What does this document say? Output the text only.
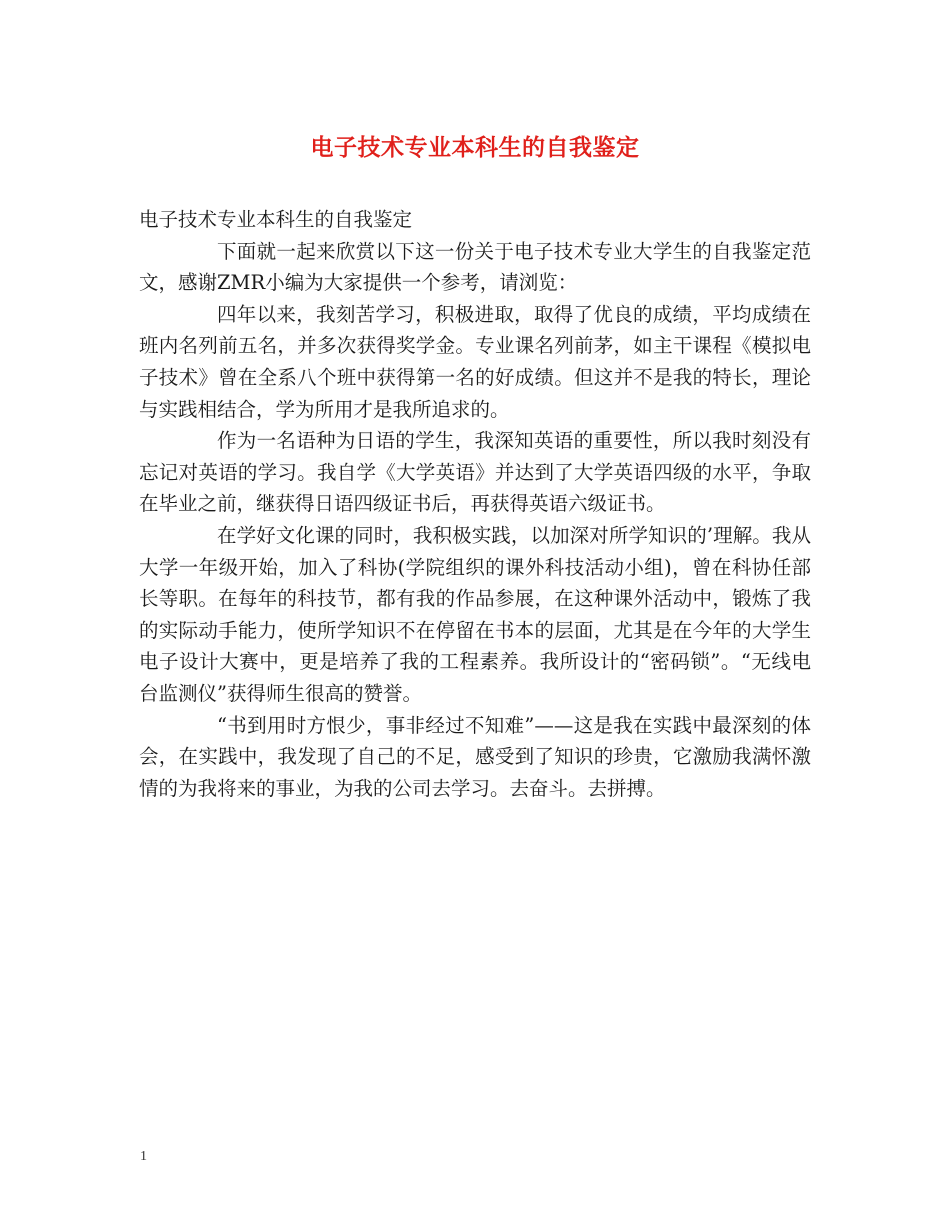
电子技术专业本科生的自我鉴定

电子技术专业本科生的自我鉴定

下面就一起来欣赏以下这一份关于电子技术专业大学生的自我鉴定范文，感谢ZMR小编为大家提供一个参考，请浏览：

四年以来，我刻苦学习，积极进取，取得了优良的成绩，平均成绩在班内名列前五名，并多次获得奖学金。专业课名列前茅，如主干课程《模拟电子技术》曾在全系八个班中获得第一名的好成绩。但这并不是我的特长，理论与实践相结合，学为所用才是我所追求的。

作为一名语种为日语的学生，我深知英语的重要性，所以我时刻没有忘记对英语的学习。我自学《大学英语》并达到了大学英语四级的水平，争取在毕业之前，继获得日语四级证书后，再获得英语六级证书。

在学好文化课的同时，我积极实践，以加深对所学知识的’理解。我从大学一年级开始，加入了科协(学院组织的课外科技活动小组)，曾在科协任部长等职。在每年的科技节，都有我的作品参展，在这种课外活动中，锻炼了我的实际动手能力，使所学知识不在停留在书本的层面，尤其是在今年的大学生电子设计大赛中，更是培养了我的工程素养。我所设计的“密码锁”。“无线电台监测仪”获得师生很高的赞誉。

“书到用时方恨少，事非经过不知难”——这是我在实践中最深刻的体会，在实践中，我发现了自己的不足，感受到了知识的珍贵，它激励我满怀激情的为我将来的事业，为我的公司去学习。去奋斗。去拼搏。

1
